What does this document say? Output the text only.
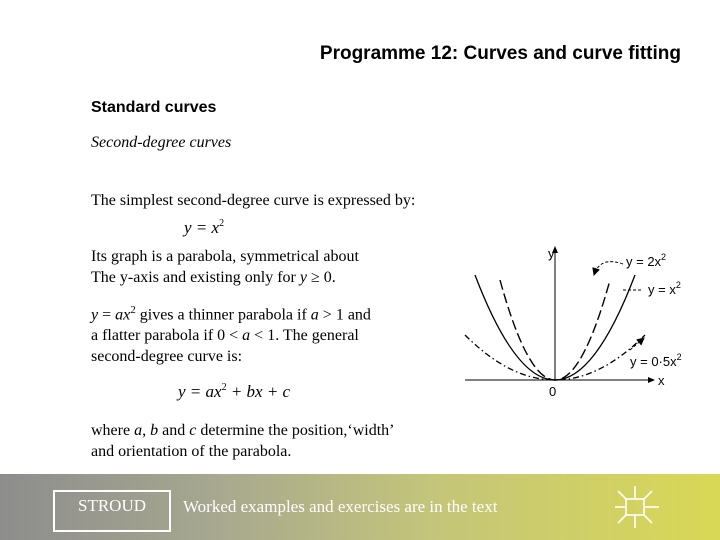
Programme 12: Curves and curve fitting
Standard curves
Second-degree curves
The simplest second-degree curve is expressed by:
$y = x^2$
Its graph is a parabola, symmetrical about
The y-axis and existing only for y ≥ 0.
$y = ax^2$ gives a thinner parabola if a > 1 and
a flatter parabola if 0 < a < 1. The general
second-degree curve is:
$y = ax^2$ + bx + c
where a, b and c determine the position,‘width’
and orientation of the parabola.
y
x
0
$y = 2x^2$
$y = x^2$
$y = 0\cdot 5x^2$
STROUD	Worked examples and exercises are in the text
